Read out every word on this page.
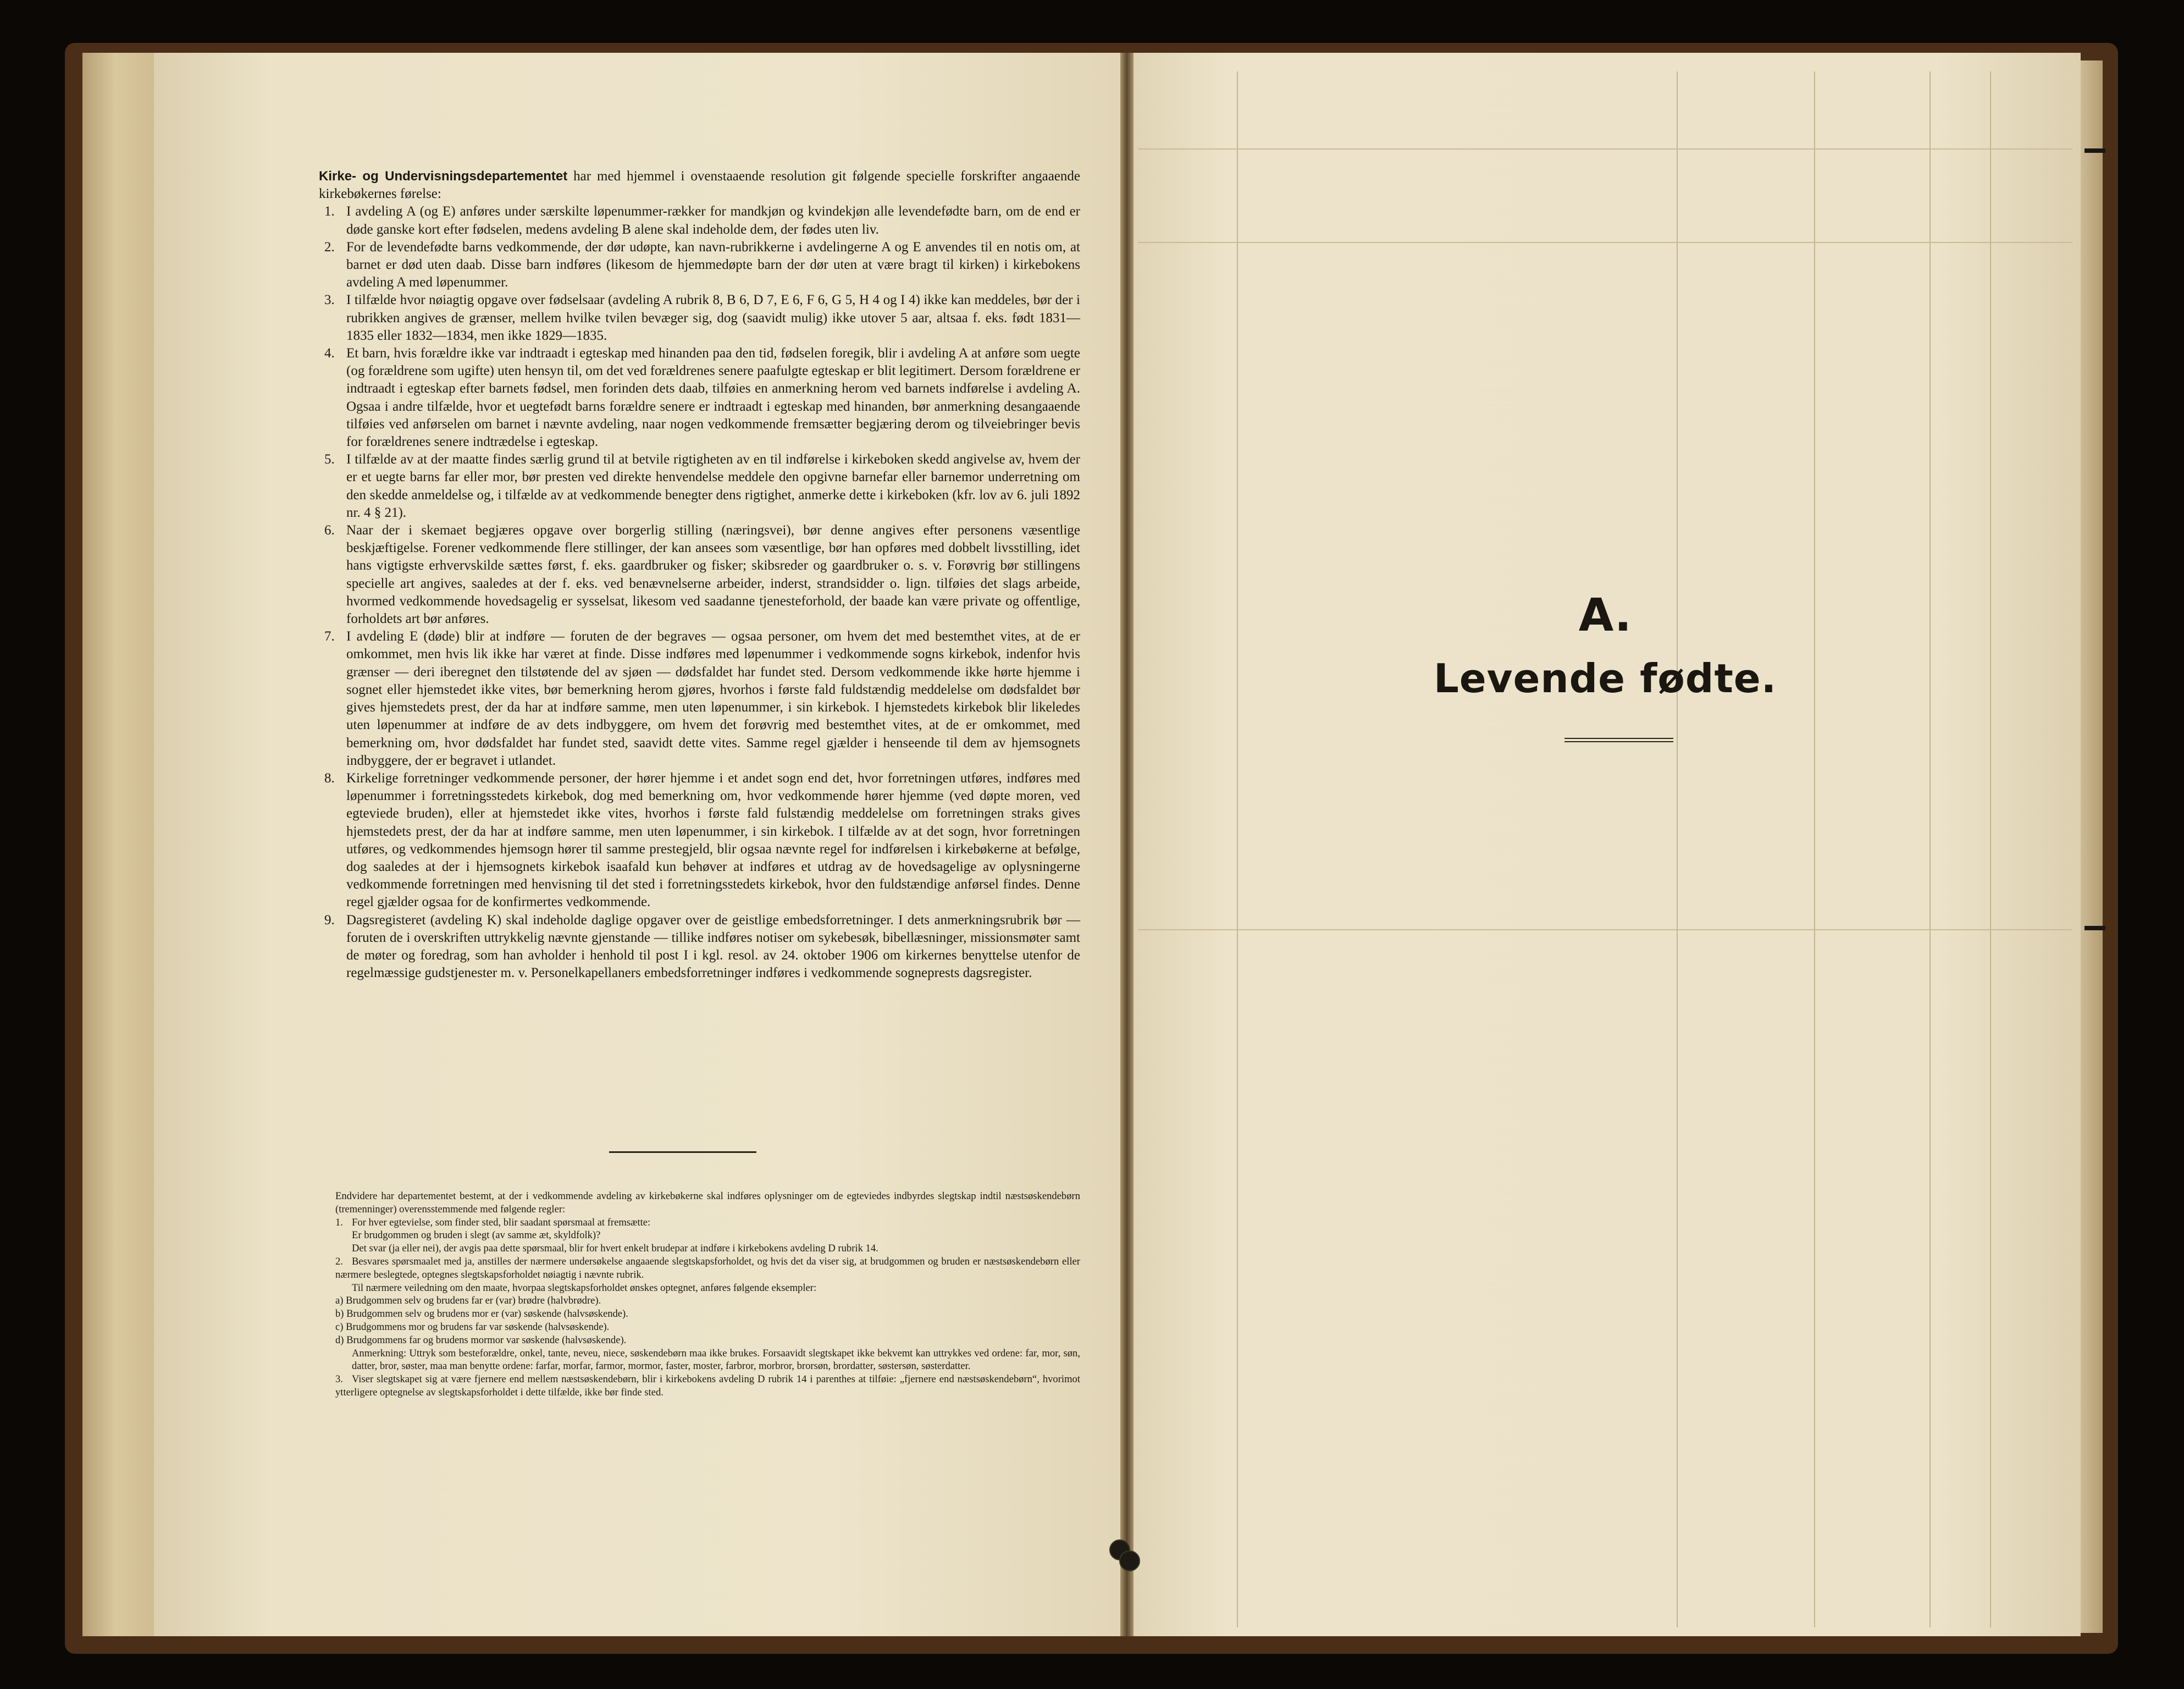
Kirke- og Undervisningsdepartementet har med hjemmel i ovenstaaende resolution git følgende specielle forskrifter angaaende kirkebøkernes førelse:

1. I avdeling A (og E) anføres under særskilte løpenummer-rækker for mandkjøn og kvindekjøn alle levendefødte barn, om de end er døde ganske kort efter fødselen, medens avdeling B alene skal indeholde dem, der fødes uten liv.
2. For de levendefødte barns vedkommende, der dør udøpte, kan navn-rubrikkerne i avdelingerne A og E anvendes til en notis om, at barnet er død uten daab. Disse barn indføres (likesom de hjemmedøpte barn der dør uten at være bragt til kirken) i kirkebokens avdeling A med løpenummer.
3. I tilfælde hvor nøiagtig opgave over fødselsaar (avdeling A rubrik 8, B 6, D 7, E 6, F 6, G 5, H 4 og I 4) ikke kan meddeles, bør der i rubrikken angives de grænser, mellem hvilke tvilen bevæger sig, dog (saavidt mulig) ikke utover 5 aar, altsaa f. eks. født 1831—1835 eller 1832—1834, men ikke 1829—1835.
4. Et barn, hvis forældre ikke var indtraadt i egteskap med hinanden paa den tid, fødselen foregik, blir i avdeling A at anføre som uegte (og forældrene som ugifte) uten hensyn til, om det ved forældrenes senere paafulgte egteskap er blit legitimert. Dersom forældrene er indtraadt i egteskap efter barnets fødsel, men forinden dets daab, tilføies en anmerkning herom ved barnets indførelse i avdeling A. Ogsaa i andre tilfælde, hvor et uegtefødt barns forældre senere er indtraadt i egteskap med hinanden, bør anmerkning desangaaende tilføies ved anførselen om barnet i nævnte avdeling, naar nogen vedkommende fremsætter begjæring derom og tilveiebringer bevis for forældrenes senere indtrædelse i egteskap.
5. I tilfælde av at der maatte findes særlig grund til at betvile rigtigheten av en til indførelse i kirkeboken skedd angivelse av, hvem der er et uegte barns far eller mor, bør presten ved direkte henvendelse meddele den opgivne barnefar eller barnemor underretning om den skedde anmeldelse og, i tilfælde av at vedkommende benegter dens rigtighet, anmerke dette i kirkeboken (kfr. lov av 6. juli 1892 nr. 4 § 21).
6. Naar der i skemaet begjæres opgave over borgerlig stilling (næringsvei), bør denne angives efter personens væsentlige beskjæftigelse. Forener vedkommende flere stillinger, der kan ansees som væsentlige, bør han opføres med dobbelt livsstilling, idet hans vigtigste erhvervskilde sættes først, f. eks. gaardbruker og fisker; skibsreder og gaardbruker o. s. v. Forøvrig bør stillingens specielle art angives, saaledes at der f. eks. ved benævnelserne arbeider, inderst, strandsidder o. lign. tilføies det slags arbeide, hvormed vedkommende hovedsagelig er sysselsat, likesom ved saadanne tjenesteforhold, der baade kan være private og offentlige, forholdets art bør anføres.
7. I avdeling E (døde) blir at indføre — foruten de der begraves — ogsaa personer, om hvem det med bestemthet vites, at de er omkommet, men hvis lik ikke har været at finde. Disse indføres med løpenummer i vedkommende sogns kirkebok, indenfor hvis grænser — deri iberegnet den tilstøtende del av sjøen — dødsfaldet har fundet sted. Dersom vedkommende ikke hørte hjemme i sognet eller hjemstedet ikke vites, bør bemerkning herom gjøres, hvorhos i første fald fuldstændig meddelelse om dødsfaldet bør gives hjemstedets prest, der da har at indføre samme, men uten løpenummer, i sin kirkebok. I hjemstedets kirkebok blir likeledes uten løpenummer at indføre de av dets indbyggere, om hvem det forøvrig med bestemthet vites, at de er omkommet, med bemerkning om, hvor dødsfaldet har fundet sted, saavidt dette vites. Samme regel gjælder i henseende til dem av hjemsognets indbyggere, der er begravet i utlandet.
8. Kirkelige forretninger vedkommende personer, der hører hjemme i et andet sogn end det, hvor forretningen utføres, indføres med løpenummer i forretningsstedets kirkebok, dog med bemerkning om, hvor vedkommende hører hjemme (ved døpte moren, ved egteviede bruden), eller at hjemstedet ikke vites, hvorhos i første fald fulstændig meddelelse om forretningen straks gives hjemstedets prest, der da har at indføre samme, men uten løpenummer, i sin kirkebok. I tilfælde av at det sogn, hvor forretningen utføres, og vedkommendes hjemsogn hører til samme prestegjeld, blir ogsaa nævnte regel for indførelsen i kirkebøkerne at befølge, dog saaledes at der i hjemsognets kirkebok isaafald kun behøver at indføres et utdrag av de hovedsagelige av oplysningerne vedkommende forretningen med henvisning til det sted i forretningsstedets kirkebok, hvor den fuldstændige anførsel findes. Denne regel gjælder ogsaa for de konfirmertes vedkommende.
9. Dagsregisteret (avdeling K) skal indeholde daglige opgaver over de geistlige embedsforretninger. I dets anmerkningsrubrik bør — foruten de i overskriften uttrykkelig nævnte gjenstande — tillike indføres notiser om sykebesøk, bibellæsninger, missionsmøter samt de møter og foredrag, som han avholder i henhold til post I i kgl. resol. av 24. oktober 1906 om kirkernes benyttelse utenfor de regelmæssige gudstjenester m. v. Personelkapellaners embedsforretninger indføres i vedkommende sogneprests dagsregister.

Endvidere har departementet bestemt, at der i vedkommende avdeling av kirkebøkerne skal indføres oplysninger om de egteviedes indbyrdes slegtskap indtil næstsøskendebørn (tremenninger) overensstemmende med følgende regler:

1. For hver egtevielse, som finder sted, blir saadant spørsmaal at fremsætte:

Er brudgommen og bruden i slegt (av samme æt, skyldfolk)?

Det svar (ja eller nei), der avgis paa dette spørsmaal, blir for hvert enkelt brudepar at indføre i kirkebokens avdeling D rubrik 14.

2. Besvares spørsmaalet med ja, anstilles der nærmere undersøkelse angaaende slegtskapsforholdet, og hvis det da viser sig, at brudgommen og bruden er næstsøskendebørn eller nærmere beslegtede, optegnes slegtskapsforholdet nøiagtig i nævnte rubrik.

Til nærmere veiledning om den maate, hvorpaa slegtskapsforholdet ønskes optegnet, anføres følgende eksempler:

a) Brudgommen selv og brudens far er (var) brødre (halvbrødre).

b) Brudgommen selv og brudens mor er (var) søskende (halvsøskende).

c) Brudgommens mor og brudens far var søskende (halvsøskende).

d) Brudgommens far og brudens mormor var søskende (halvsøskende).

Anmerkning: Uttryk som besteforældre, onkel, tante, neveu, niece, søskendebørn maa ikke brukes. Forsaavidt slegtskapet ikke bekvemt kan uttrykkes ved ordene: far, mor, søn, datter, bror, søster, maa man benytte ordene: farfar, morfar, farmor, mormor, faster, moster, farbror, morbror, brorsøn, brordatter, søstersøn, søsterdatter.

3. Viser slegtskapet sig at være fjernere end mellem næstsøskendebørn, blir i kirkebokens avdeling D rubrik 14 i parenthes at tilføie: „fjernere end næstsøskendebørn“, hvorimot ytterligere optegnelse av slegtskapsforholdet i dette tilfælde, ikke bør finde sted.

A.
Levende fødte.
